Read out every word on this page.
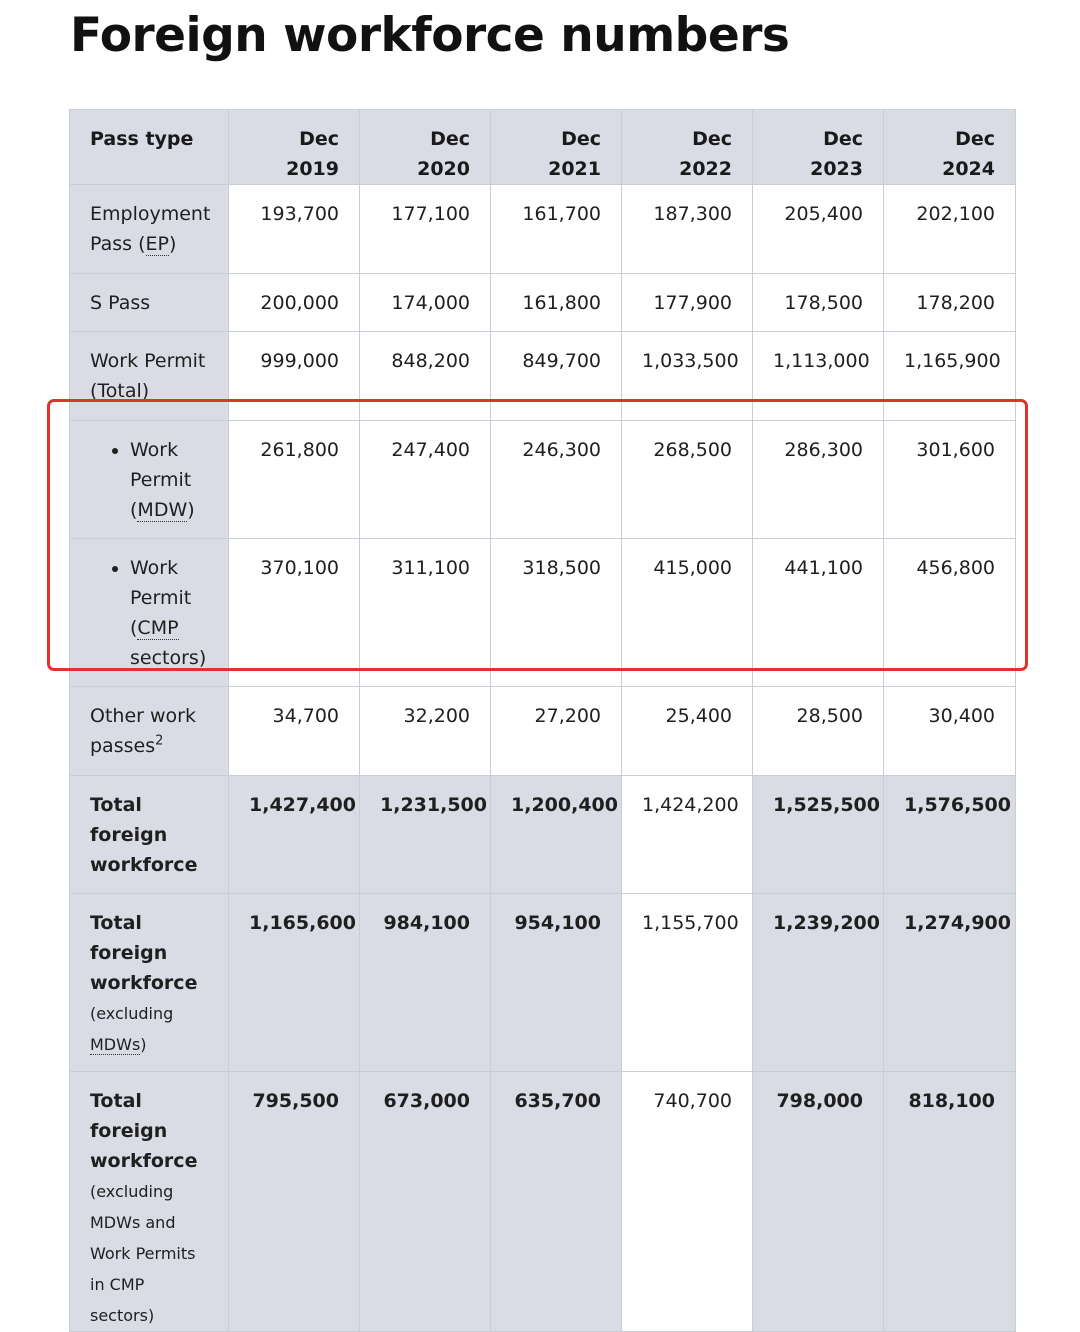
Foreign workforce numbers
Pass type	Dec 2019	Dec 2020	Dec 2021	Dec 2022	Dec 2023	Dec 2024
Employment Pass (EP)	193,700	177,100	161,700	187,300	205,400	202,100
S Pass	200,000	174,000	161,800	177,900	178,500	178,200
Work Permit (Total)	999,000	848,200	849,700	1,033,500	1,113,000	1,165,900

Work Permit (MDW)	261,800	247,400	246,300	268,500	286,300	301,600

Work Permit (CMP sectors)	370,100	311,100	318,500	415,000	441,100	456,800
Other work passes$^2$	34,700	32,200	27,200	25,400	28,500	30,400
Total foreign workforce	1,427,400	1,231,500	1,200,400	1,424,200	1,525,500	1,576,500
Total foreign workforce
(excluding MDWs)	1,165,600	984,100	954,100	1,155,700	1,239,200	1,274,900
Total foreign workforce
(excluding MDWs and Work Permits in CMP sectors)	795,500	673,000	635,700	740,700	798,000	818,100
